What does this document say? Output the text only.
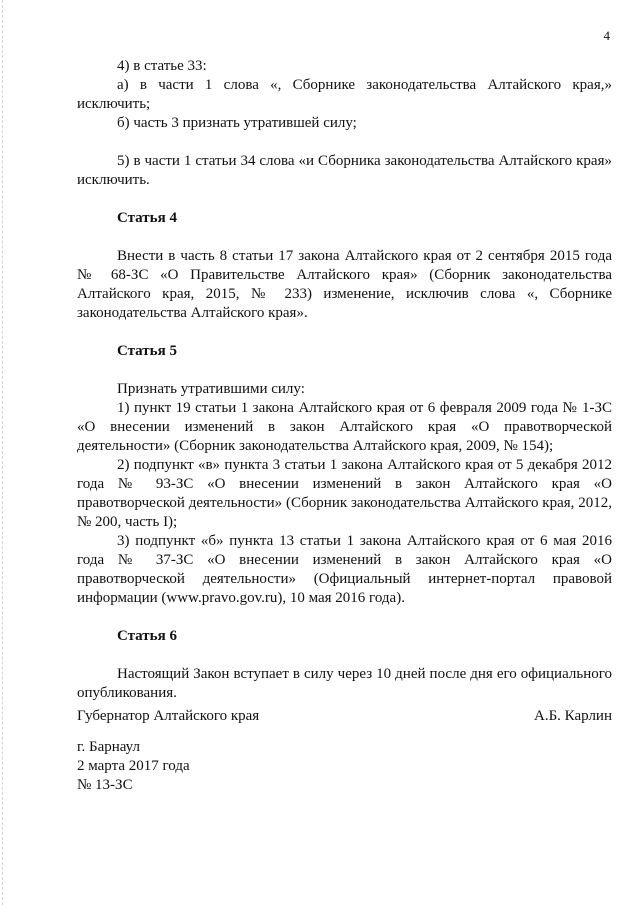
4
4) в статье 33:
а) в части 1 слова «, Сборнике законодательства Алтайского края,» исключить;
б) часть 3 признать утратившей силу;
5) в части 1 статьи 34 слова «и Сборника законодательства Алтайского края» исключить.
Статья 4
Внести в часть 8 статьи 17 закона Алтайского края от 2 сентября 2015 года № 68-ЗС «О Правительстве Алтайского края» (Сборник законодательства Алтайского края, 2015, № 233) изменение, исключив слова «, Сборнике законодательства Алтайского края».
Статья 5
Признать утратившими силу:
1) пункт 19 статьи 1 закона Алтайского края от 6 февраля 2009 года № 1-ЗС «О внесении изменений в закон Алтайского края «О правотворческой деятельности» (Сборник законодательства Алтайского края, 2009, № 154);
2) подпункт «в» пункта 3 статьи 1 закона Алтайского края от 5 декабря 2012 года № 93-ЗС «О внесении изменений в закон Алтайского края «О правотворческой деятельности» (Сборник законодательства Алтайского края, 2012, № 200, часть I);
3) подпункт «б» пункта 13 статьи 1 закона Алтайского края от 6 мая 2016 года № 37-ЗС «О внесении изменений в закон Алтайского края «О правотворческой деятельности» (Официальный интернет-портал правовой информации (www.pravo.gov.ru), 10 мая 2016 года).
Статья 6
Настоящий Закон вступает в силу через 10 дней после дня его официального опубликования.
Губернатор Алтайского края	А.Б. Карлин
г. Барнаул
2 марта 2017 года
№ 13-ЗС
